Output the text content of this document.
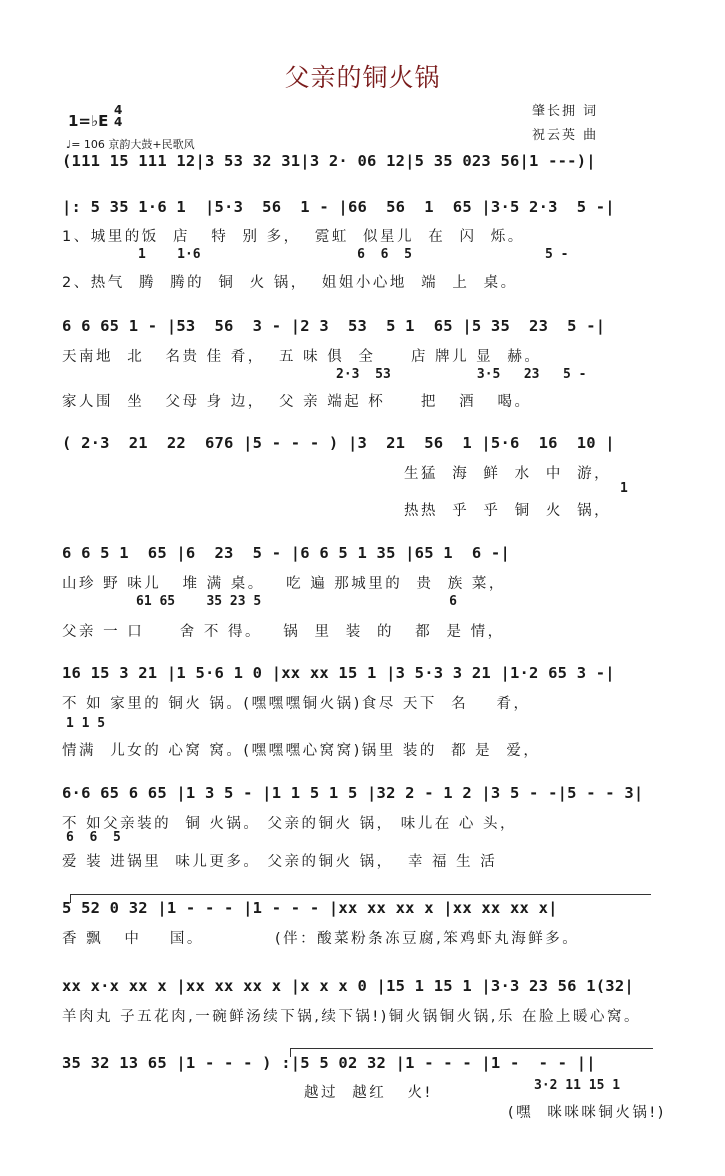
父亲的铜火锅
肇长拥 词
祝云英 曲
1=♭E
4
4
♩= 106 京韵大鼓+民歌风
(111 15 111 12|3 53 32 31|3 2· 06 12|5 35 023 56|1 ---)|
|: 5 35 1·6 1  |5·3  56  1 - |66  56  1  65 |3·5 2·3  5 -|
1、城里的饭  店   特  别 多，  霓虹  似星儿  在  闪  烁。
1    1·6                    6  6  5                 5 -
2、热气  腾  腾的  铜  火 锅，  姐姐小心地  端  上  桌。
6 6 65 1 - |53  56  3 - |2 3  53  5 1  65 |5 35  23  5 -|
天南地  北   名贵 佳 肴，  五 味 俱  全     店 牌儿 显  赫。
2·3  53           3·5   23   5 -
家人围  坐   父母 身 边，  父 亲 端起 杯     把   酒   喝。
( 2·3  21  22  676 |5 - - - ) |3  21  56  1 |5·6  16  10 |
生猛  海  鲜  水  中  游，
1
热热  乎  乎  铜  火  锅，
6 6 5 1  65 |6  23  5 - |6 6 5 1 35 |65 1  6 -|
山珍 野 味儿   堆 满 桌。   吃 遍 那城里的  贵  族 菜，
61 65    35 23 5                        6
父亲 一 口     舍 不 得。   锅  里  装  的   都  是 情，
16 15 3 21 |1 5·6 1 0 |xx xx 15 1 |3 5·3 3 21 |1·2 65 3 -|
不 如 家里的 铜火 锅。(嘿嘿嘿铜火锅)食尽 天下  名    肴，
1 1 5
情满  儿女的 心窝 窝。(嘿嘿嘿心窝窝)锅里 装的  都 是  爱，
6·6 65 6 65 |1 3 5 - |1 1 5 1 5 |32 2 - 1 2 |3 5 - -|5 - - 3|
不 如父亲装的  铜 火锅。 父亲的铜火 锅， 味儿在 心 头，
6  6  5
爱 装 进锅里  味儿更多。 父亲的铜火 锅，  幸 福 生 活
5 52 0 32 |1 - - - |1 - - - |xx xx xx x |xx xx xx x|
香 飘   中    国。          (伴：酸菜粉条冻豆腐,笨鸡虾丸海鲜多。
xx x·x xx x |xx xx xx x |x x x 0 |15 1 15 1 |3·3 23 56 1(32|
羊肉丸 子五花肉,一碗鲜汤续下锅,续下锅!)铜火锅铜火锅,乐 在脸上暖心窝。
35 32 13 65 |1 - - - ) :|5 5 02 32 |1 - - - |1 -  - - ||
3·2 11 15 1
越过  越红   火!
(嘿  咪咪咪铜火锅!)
